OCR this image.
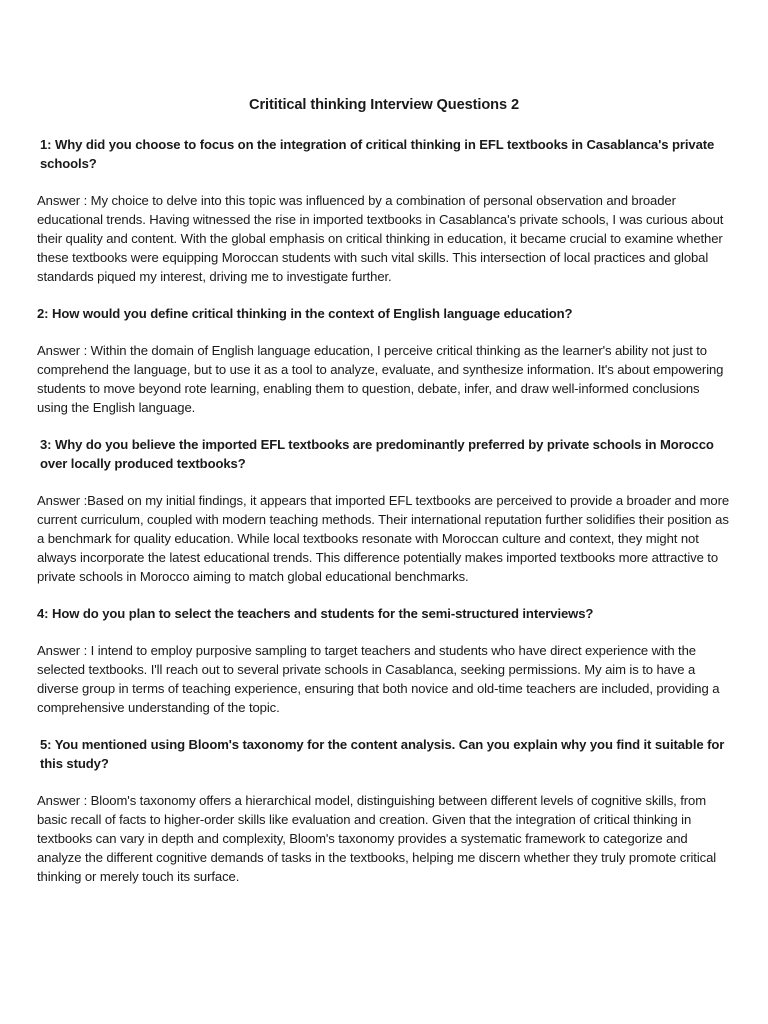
Crititical thinking Interview Questions 2

1: Why did you choose to focus on the integration of critical thinking in EFL textbooks in Casablanca's private schools?

Answer : My choice to delve into this topic was influenced by a combination of personal observation and broader educational trends. Having witnessed the rise in imported textbooks in Casablanca's private schools, I was curious about their quality and content. With the global emphasis on critical thinking in education, it became crucial to examine whether these textbooks were equipping Moroccan students with such vital skills. This intersection of local practices and global standards piqued my interest, driving me to investigate further.

2: How would you define critical thinking in the context of English language education?

Answer : Within the domain of English language education, I perceive critical thinking as the learner's ability not just to comprehend the language, but to use it as a tool to analyze, evaluate, and synthesize information. It's about empowering students to move beyond rote learning, enabling them to question, debate, infer, and draw well-informed conclusions using the English language.

3: Why do you believe the imported EFL textbooks are predominantly preferred by private schools in Morocco over locally produced textbooks?

Answer :Based on my initial findings, it appears that imported EFL textbooks are perceived to provide a broader and more current curriculum, coupled with modern teaching methods. Their international reputation further solidifies their position as a benchmark for quality education. While local textbooks resonate with Moroccan culture and context, they might not always incorporate the latest educational trends. This difference potentially makes imported textbooks more attractive to private schools in Morocco aiming to match global educational benchmarks.

4: How do you plan to select the teachers and students for the semi-structured interviews?

Answer : I intend to employ purposive sampling to target teachers and students who have direct experience with the selected textbooks. I'll reach out to several private schools in Casablanca, seeking permissions. My aim is to have a diverse group in terms of teaching experience, ensuring that both novice and old-time teachers are included, providing a comprehensive understanding of the topic.

5: You mentioned using Bloom's taxonomy for the content analysis. Can you explain why you find it suitable for this study?

Answer : Bloom's taxonomy offers a hierarchical model, distinguishing between different levels of cognitive skills, from basic recall of facts to higher-order skills like evaluation and creation. Given that the integration of critical thinking in textbooks can vary in depth and complexity, Bloom's taxonomy provides a systematic framework to categorize and analyze the different cognitive demands of tasks in the textbooks, helping me discern whether they truly promote critical thinking or merely touch its surface.
